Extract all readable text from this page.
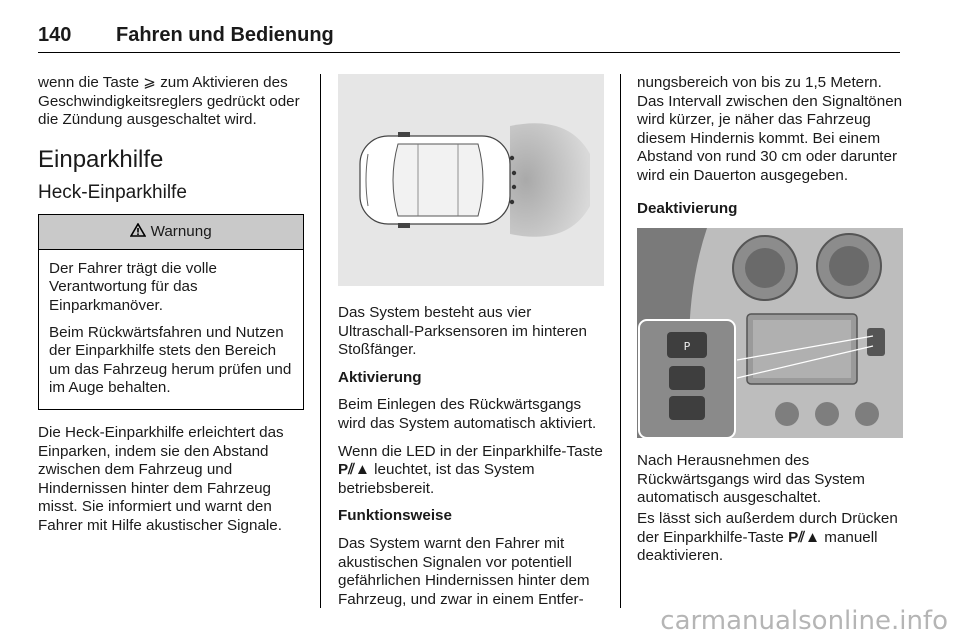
140	Fahren und Bedienung

wenn die Taste ⩾ zum Aktivieren des Geschwindigkeitsreglers gedrückt oder die Zündung ausgeschaltet wird.

Einparkhilfe
Heck-Einparkhilfe
Warnung

Der Fahrer trägt die volle Verantwortung für das Einparkmanöver.

Beim Rückwärtsfahren und Nutzen der Einparkhilfe stets den Bereich um das Fahrzeug herum prüfen und im Auge behalten.

Die Heck-Einparkhilfe erleichtert das Einparken, indem sie den Abstand zwischen dem Fahrzeug und Hindernissen hinter dem Fahrzeug misst. Sie informiert und warnt den Fahrer mit Hilfe akustischer Signale.

Das System besteht aus vier Ultraschall-Parksensoren im hinteren Stoßfänger.

Aktivierung

Beim Einlegen des Rückwärtsgangs wird das System automatisch aktiviert.

Wenn die LED in der Einparkhilfe-Taste P⫽▲ leuchtet, ist das System betriebsbereit.

Funktionsweise

Das System warnt den Fahrer mit akustischen Signalen vor potentiell gefährlichen Hindernissen hinter dem Fahrzeug, und zwar in einem Entfer-

nungsbereich von bis zu 1,5 Metern. Das Intervall zwischen den Signaltönen wird kürzer, je näher das Fahrzeug diesem Hindernis kommt. Bei einem Abstand von rund 30 cm oder darunter wird ein Dauerton ausgegeben.

Deaktivierung

P

Nach Herausnehmen des Rückwärtsgangs wird das System automatisch ausgeschaltet.

Es lässt sich außerdem durch Drücken der Einparkhilfe-Taste P⫽▲ manuell deaktivieren.

carmanualsonline.info
